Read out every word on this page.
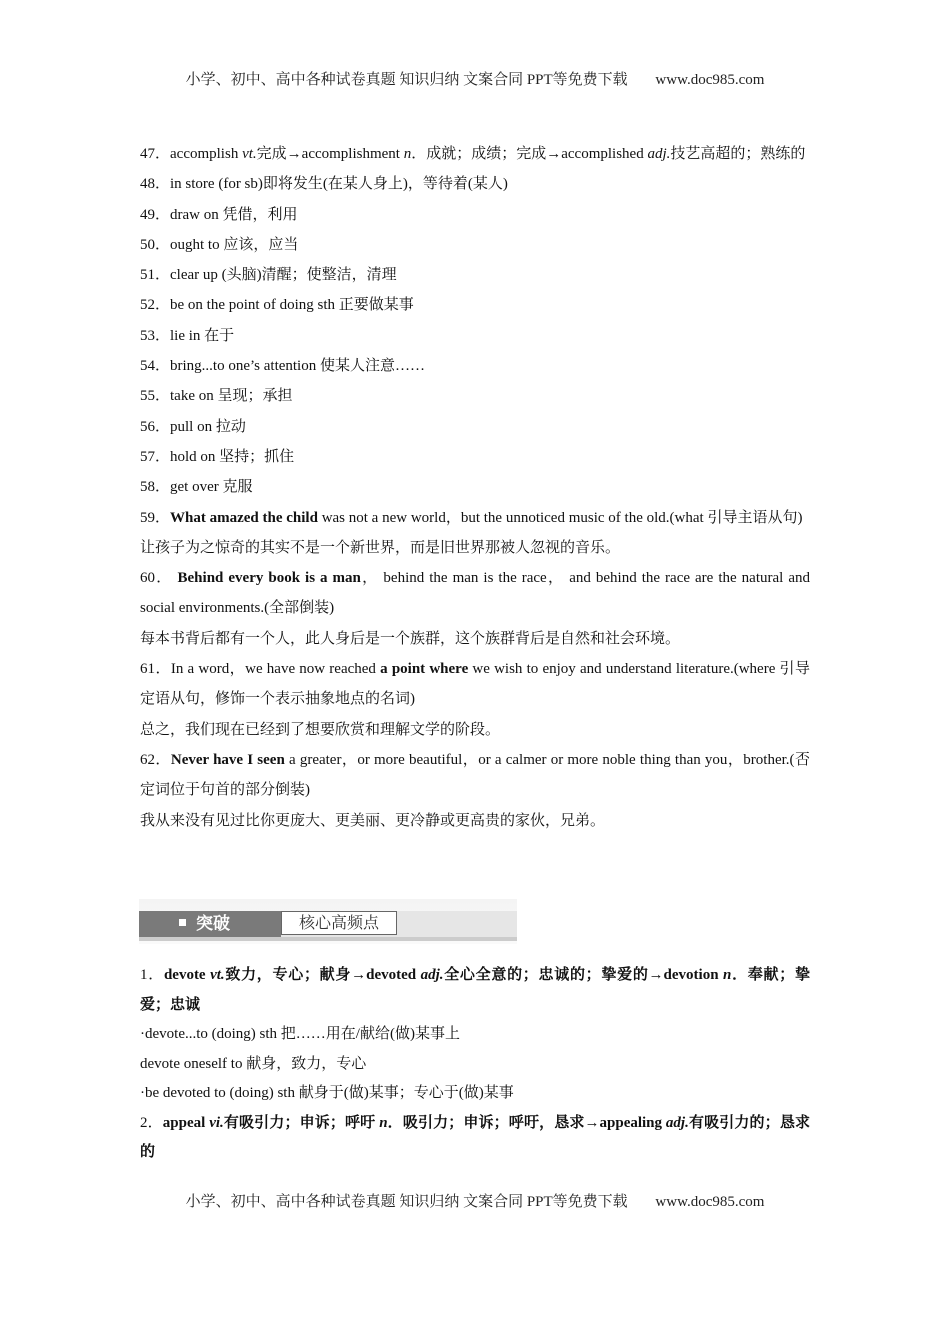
小学、初中、高中各种试卷真题 知识归纳 文案合同 PPT等免费下载 www.doc985.com

47．accomplish vt.完成→accomplishment n．成就；成绩；完成→accomplished adj.技艺高超的；熟练的

48．in store (for sb)即将发生(在某人身上)，等待着(某人)

49．draw on 凭借，利用

50．ought to 应该，应当

51．clear up (头脑)清醒；使整洁，清理

52．be on the point of doing sth 正要做某事

53．lie in 在于

54．bring...to one’s attention 使某人注意……

55．take on 呈现；承担

56．pull on 拉动

57．hold on 坚持；抓住

58．get over 克服

59．What amazed the child was not a new world，but the unnoticed music of the old.(what 引导主语从句)

让孩子为之惊奇的其实不是一个新世界，而是旧世界那被人忽视的音乐。

60． Behind every book is a man， behind the man is the race， and behind the race are the natural and social environments.(全部倒装)

每本书背后都有一个人，此人身后是一个族群，这个族群背后是自然和社会环境。

61．In a word，we have now reached a point where we wish to enjoy and understand literature.(where 引导定语从句，修饰一个表示抽象地点的名词)

总之，我们现在已经到了想要欣赏和理解文学的阶段。

62．Never have I seen a greater，or more beautiful，or a calmer or more noble thing than you，brother.(否定词位于句首的部分倒装)

我从来没有见过比你更庞大、更美丽、更冷静或更高贵的家伙，兄弟。

突破	核心高频点

1．devote vt.致力，专心；献身→devoted adj.全心全意的；忠诚的；挚爱的→devotion n．奉献；挚爱；忠诚

·devote...to (doing) sth 把……用在/献给(做)某事上

devote oneself to 献身，致力，专心

·be devoted to (doing) sth 献身于(做)某事；专心于(做)某事

2．appeal vi.有吸引力；申诉；呼吁 n．吸引力；申诉；呼吁，恳求→appealing adj.有吸引力的；恳求的

小学、初中、高中各种试卷真题 知识归纳 文案合同 PPT等免费下载 www.doc985.com
